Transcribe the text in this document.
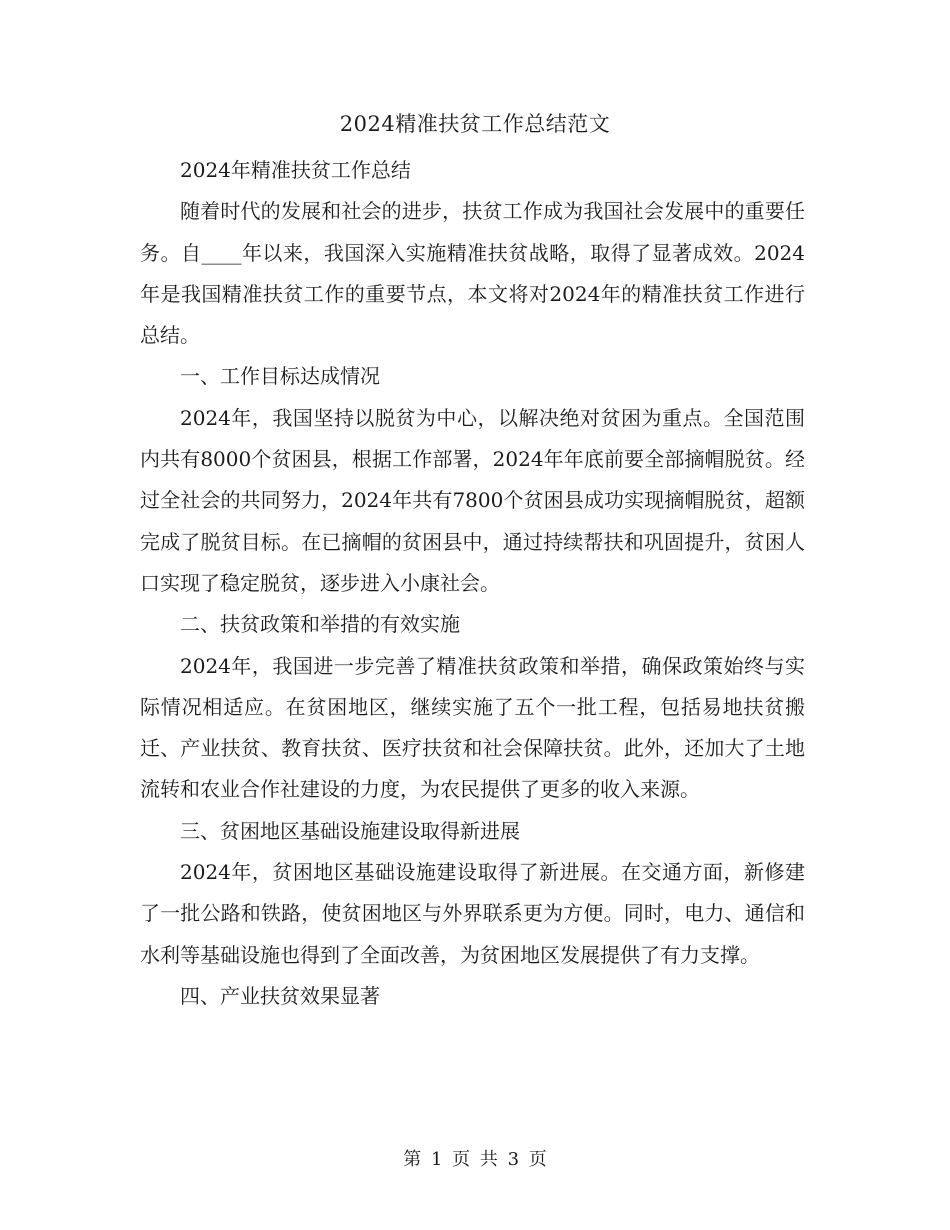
2024精准扶贫工作总结范文

2024年精准扶贫工作总结

随着时代的发展和社会的进步，扶贫工作成为我国社会发展中的重要任务。自____年以来，我国深入实施精准扶贫战略，取得了显著成效。2024年是我国精准扶贫工作的重要节点，本文将对2024年的精准扶贫工作进行总结。

一、工作目标达成情况

2024年，我国坚持以脱贫为中心，以解决绝对贫困为重点。全国范围内共有8000个贫困县，根据工作部署，2024年年底前要全部摘帽脱贫。经过全社会的共同努力，2024年共有7800个贫困县成功实现摘帽脱贫，超额完成了脱贫目标。在已摘帽的贫困县中，通过持续帮扶和巩固提升，贫困人口实现了稳定脱贫，逐步进入小康社会。

二、扶贫政策和举措的有效实施

2024年，我国进一步完善了精准扶贫政策和举措，确保政策始终与实际情况相适应。在贫困地区，继续实施了五个一批工程，包括易地扶贫搬迁、产业扶贫、教育扶贫、医疗扶贫和社会保障扶贫。此外，还加大了土地流转和农业合作社建设的力度，为农民提供了更多的收入来源。

三、贫困地区基础设施建设取得新进展

2024年，贫困地区基础设施建设取得了新进展。在交通方面，新修建了一批公路和铁路，使贫困地区与外界联系更为方便。同时，电力、通信和水利等基础设施也得到了全面改善，为贫困地区发展提供了有力支撑。

四、产业扶贫效果显著

第 1 页 共 3 页
